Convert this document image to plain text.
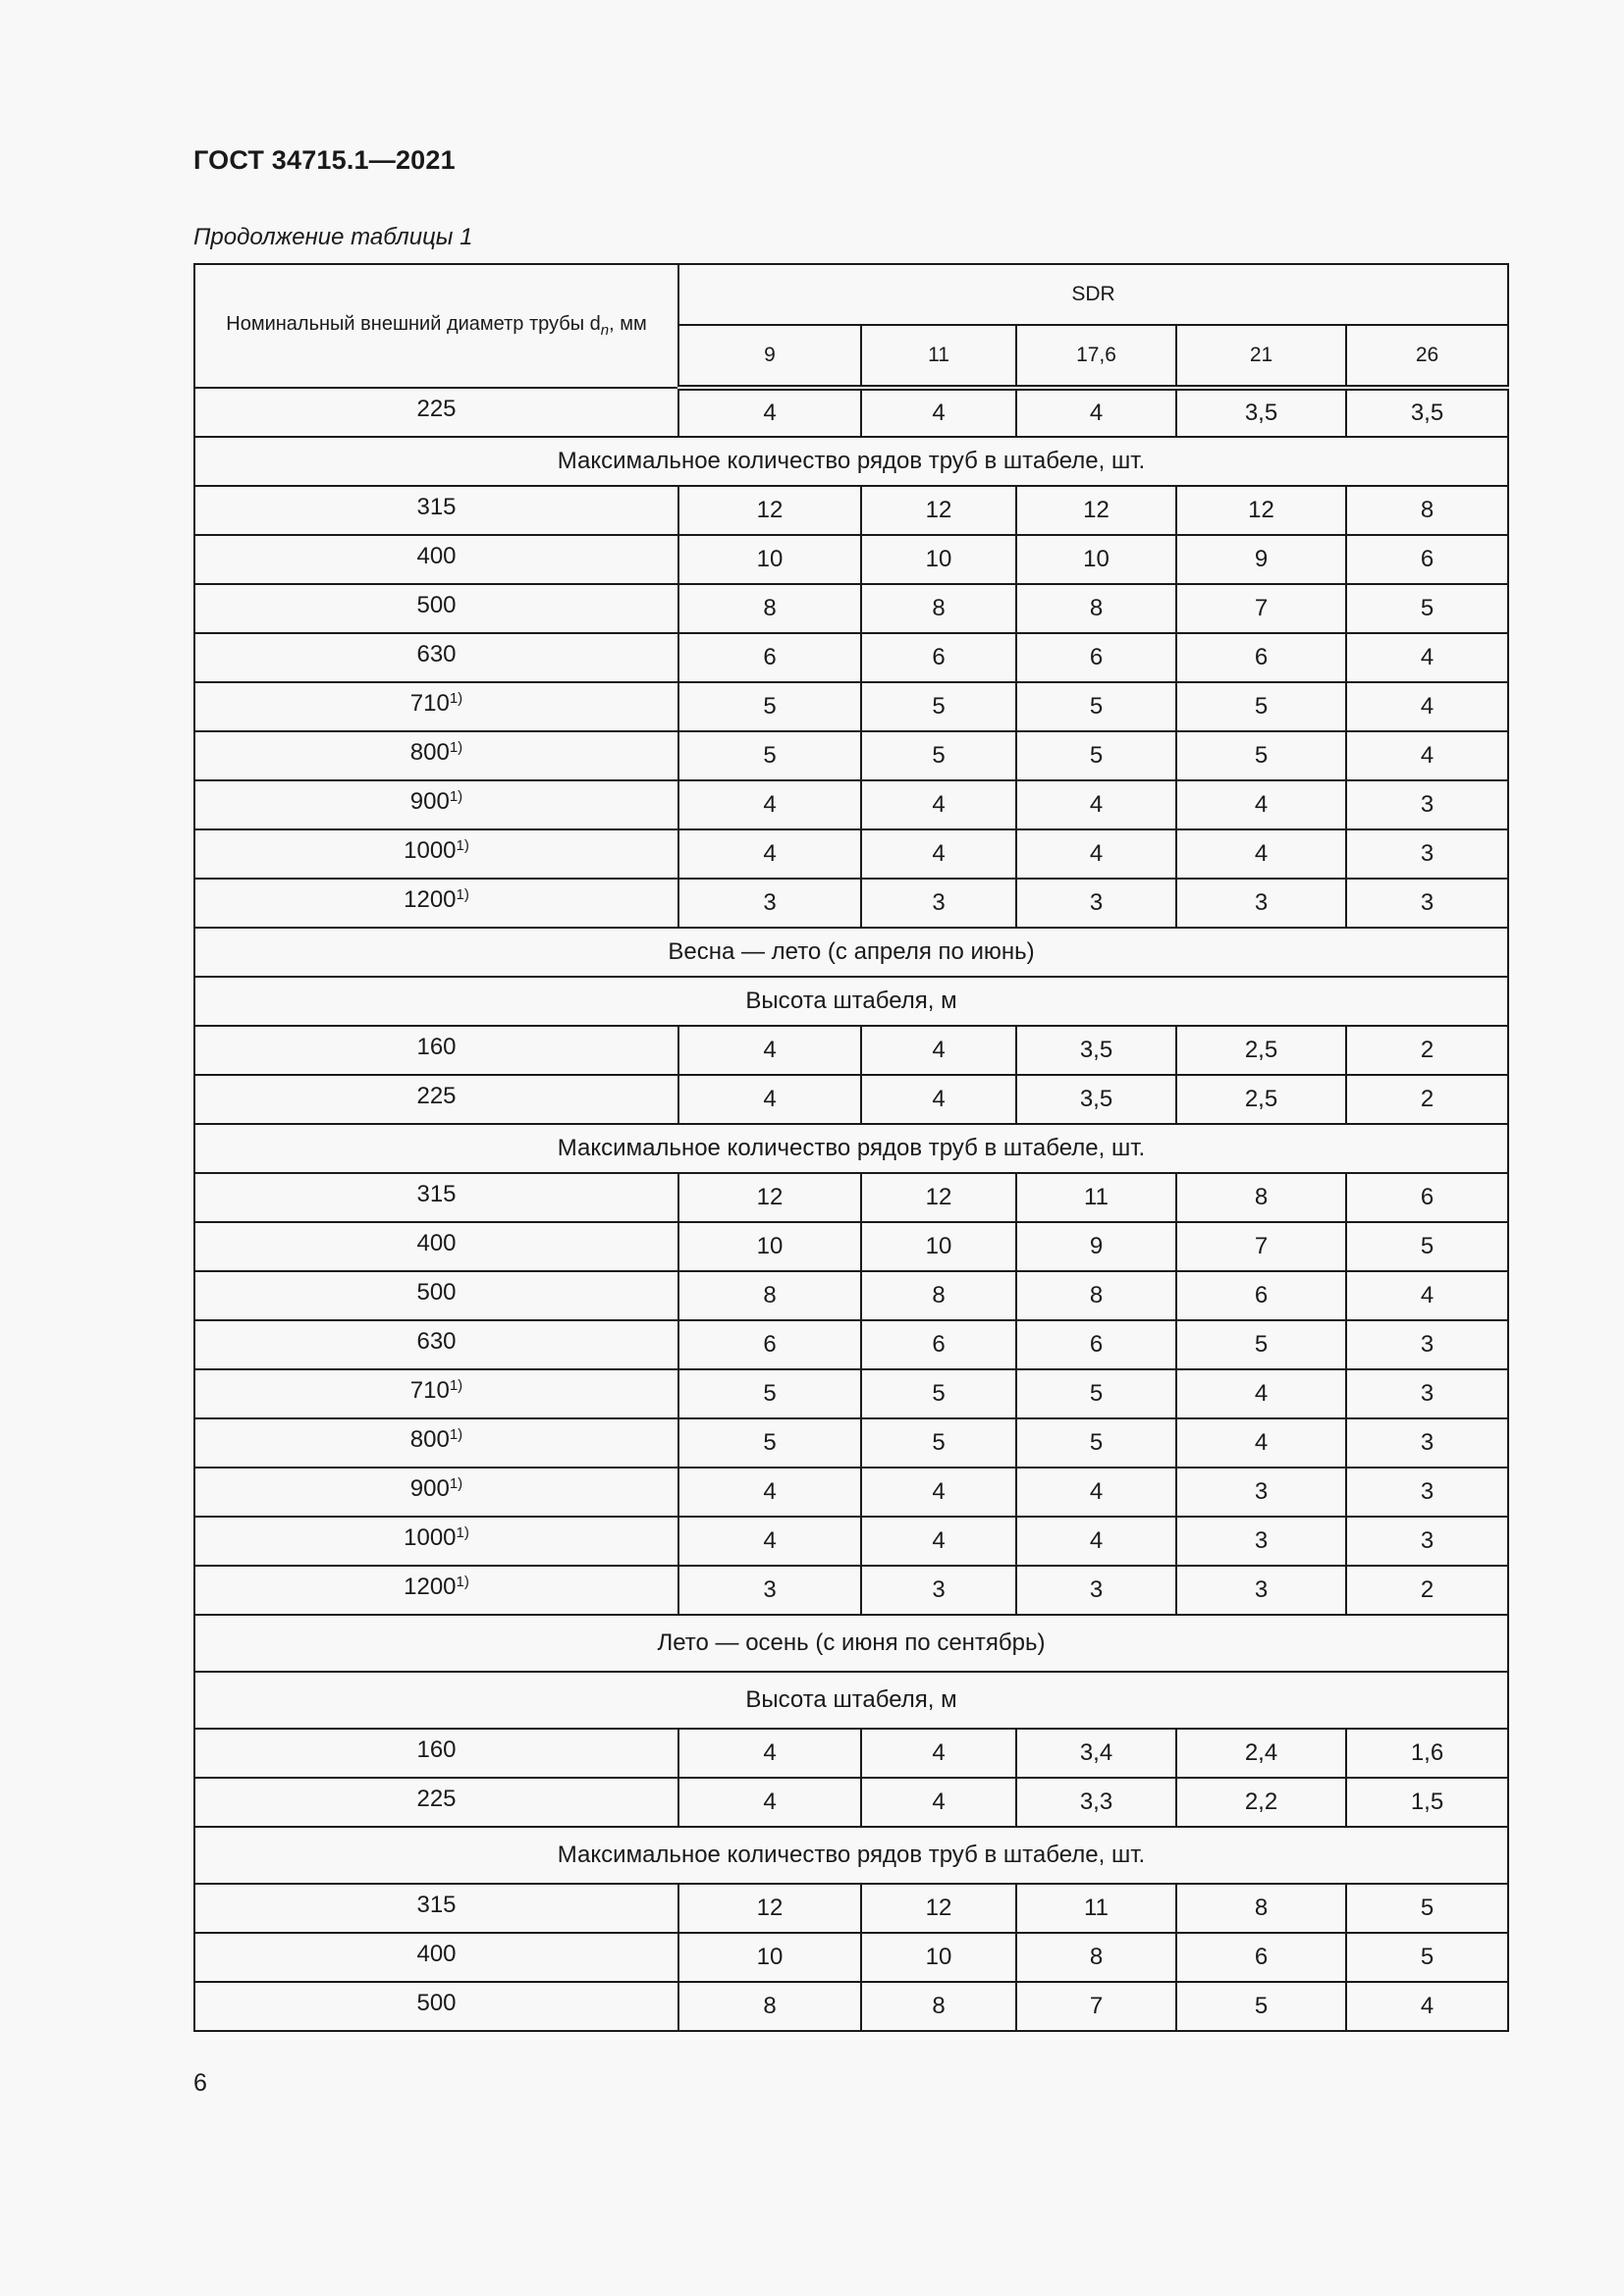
ГОСТ 34715.1—2021
Продолжение таблицы 1
Номинальный внешний диаметр трубы $d_n$, мм	SDR				
	9	11	17,6	21	26
225	4	4	4	3,5	3,5
Максимальное количество рядов труб в штабеле, шт.					
315	12	12	12	12	8
400	10	10	10	9	6
500	8	8	8	7	5
630	6	6	6	6	4
710$^{1)}$	5	5	5	5	4
800$^{1)}$	5	5	5	5	4
900$^{1)}$	4	4	4	4	3
1000$^{1)}$	4	4	4	4	3
1200$^{1)}$	3	3	3	3	3
Весна — лето (с апреля по июнь)					
Высота штабеля, м					
160	4	4	3,5	2,5	2
225	4	4	3,5	2,5	2
Максимальное количество рядов труб в штабеле, шт.					
315	12	12	11	8	6
400	10	10	9	7	5
500	8	8	8	6	4
630	6	6	6	5	3
710$^{1)}$	5	5	5	4	3
800$^{1)}$	5	5	5	4	3
900$^{1)}$	4	4	4	3	3
1000$^{1)}$	4	4	4	3	3
1200$^{1)}$	3	3	3	3	2
Лето — осень (с июня по сентябрь)					
Высота штабеля, м					
160	4	4	3,4	2,4	1,6
225	4	4	3,3	2,2	1,5
Максимальное количество рядов труб в штабеле, шт.					
315	12	12	11	8	5
400	10	10	8	6	5
500	8	8	7	5	4
6
